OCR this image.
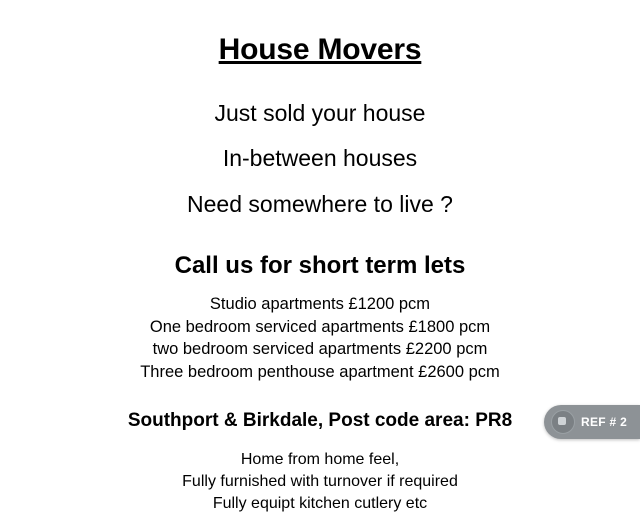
House Movers
Just sold your house
In-between houses
Need somewhere to live ?
Call us for short term lets
Studio apartments £1200 pcm
One bedroom serviced apartments £1800 pcm
two bedroom serviced apartments £2200 pcm
Three bedroom penthouse apartment £2600 pcm
Southport & Birkdale, Post code area: PR8
Home from home feel,
Fully furnished with turnover if required
Fully equipt kitchen cutlery etc
REF # 2
